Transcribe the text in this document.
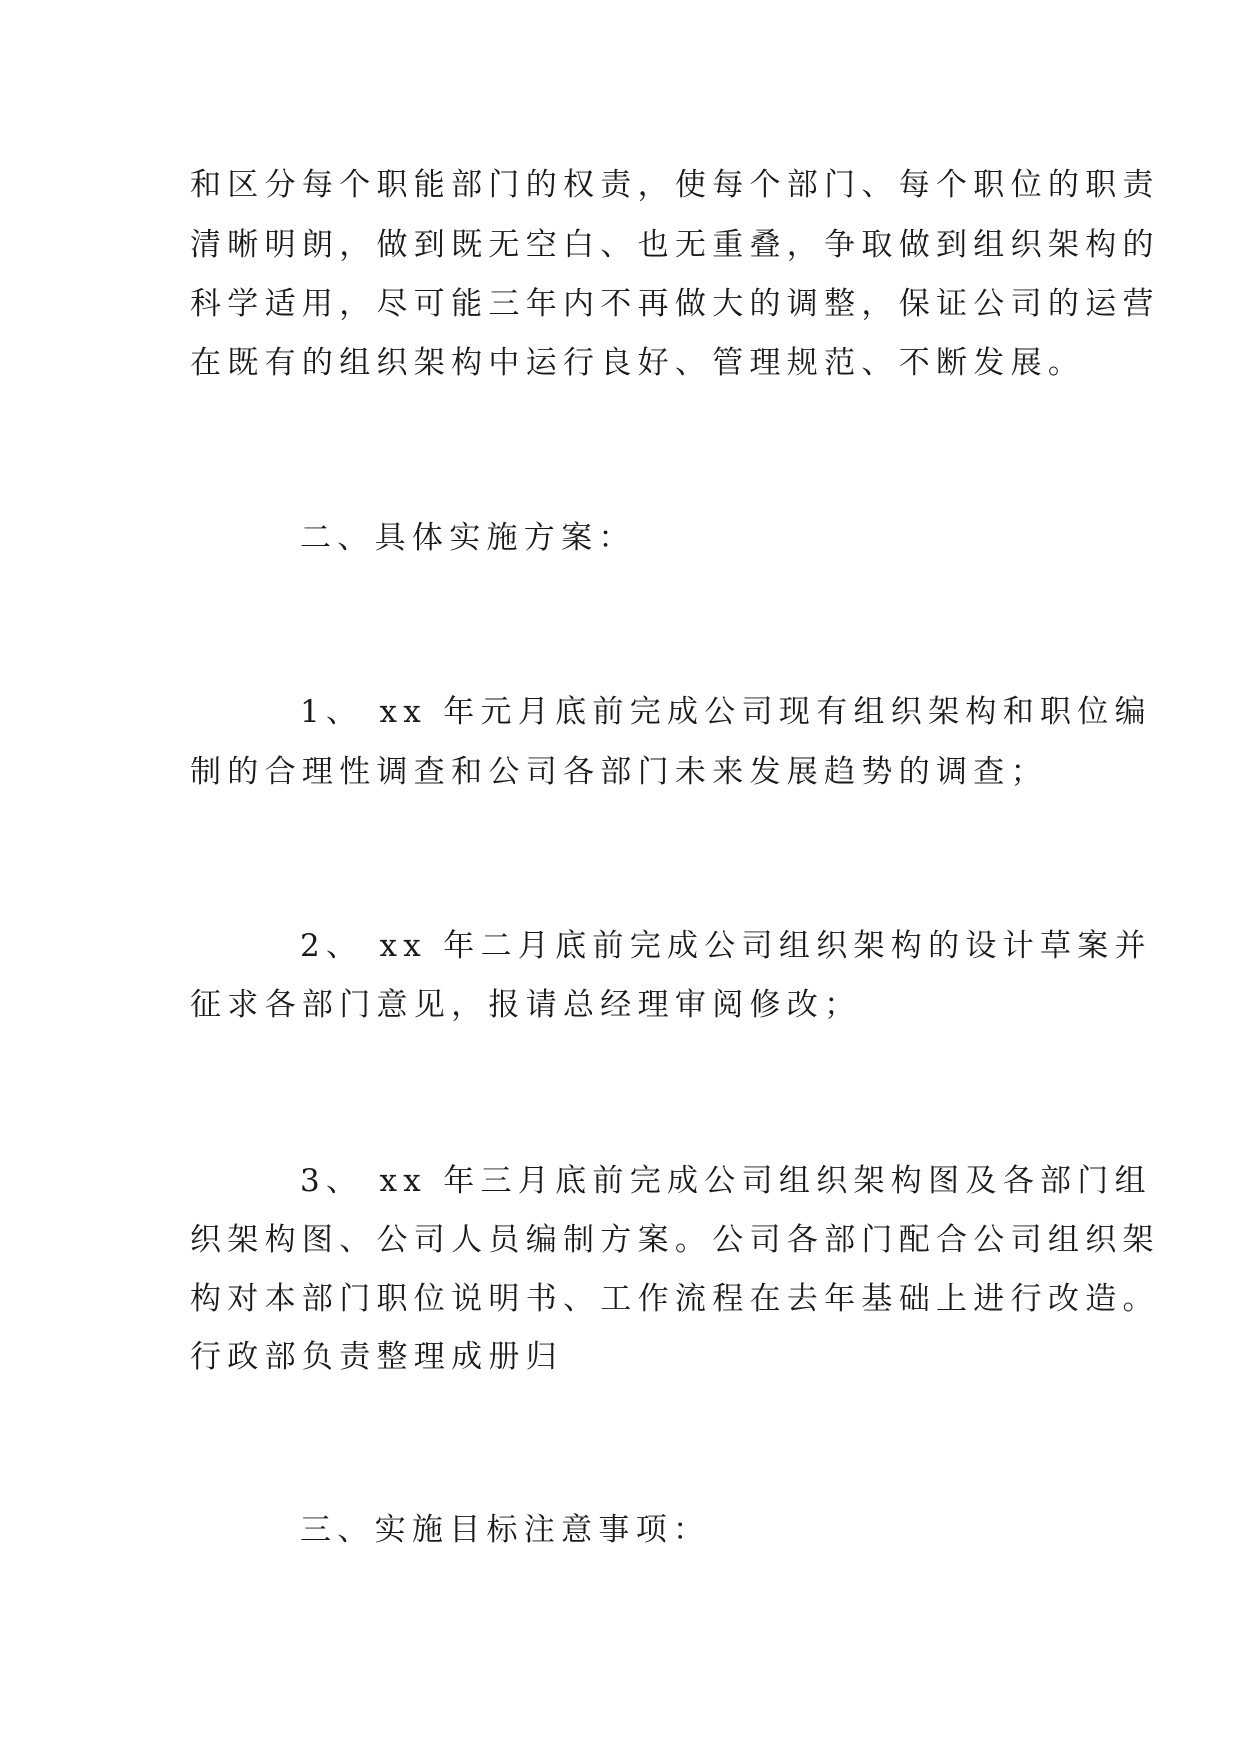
和区分每个职能部门的权责，使每个部门、每个职位的职责
清晰明朗，做到既无空白、也无重叠，争取做到组织架构的
科学适用，尽可能三年内不再做大的调整，保证公司的运营
在既有的组织架构中运行良好、管理规范、不断发展。
二、具体实施方案：
1、 xx 年元月底前完成公司现有组织架构和职位编
制的合理性调查和公司各部门未来发展趋势的调查；
2、 xx 年二月底前完成公司组织架构的设计草案并
征求各部门意见，报请总经理审阅修改；
3、 xx 年三月底前完成公司组织架构图及各部门组
织架构图、公司人员编制方案。公司各部门配合公司组织架
构对本部门职位说明书、工作流程在去年基础上进行改造。
行政部负责整理成册归
三、实施目标注意事项：
